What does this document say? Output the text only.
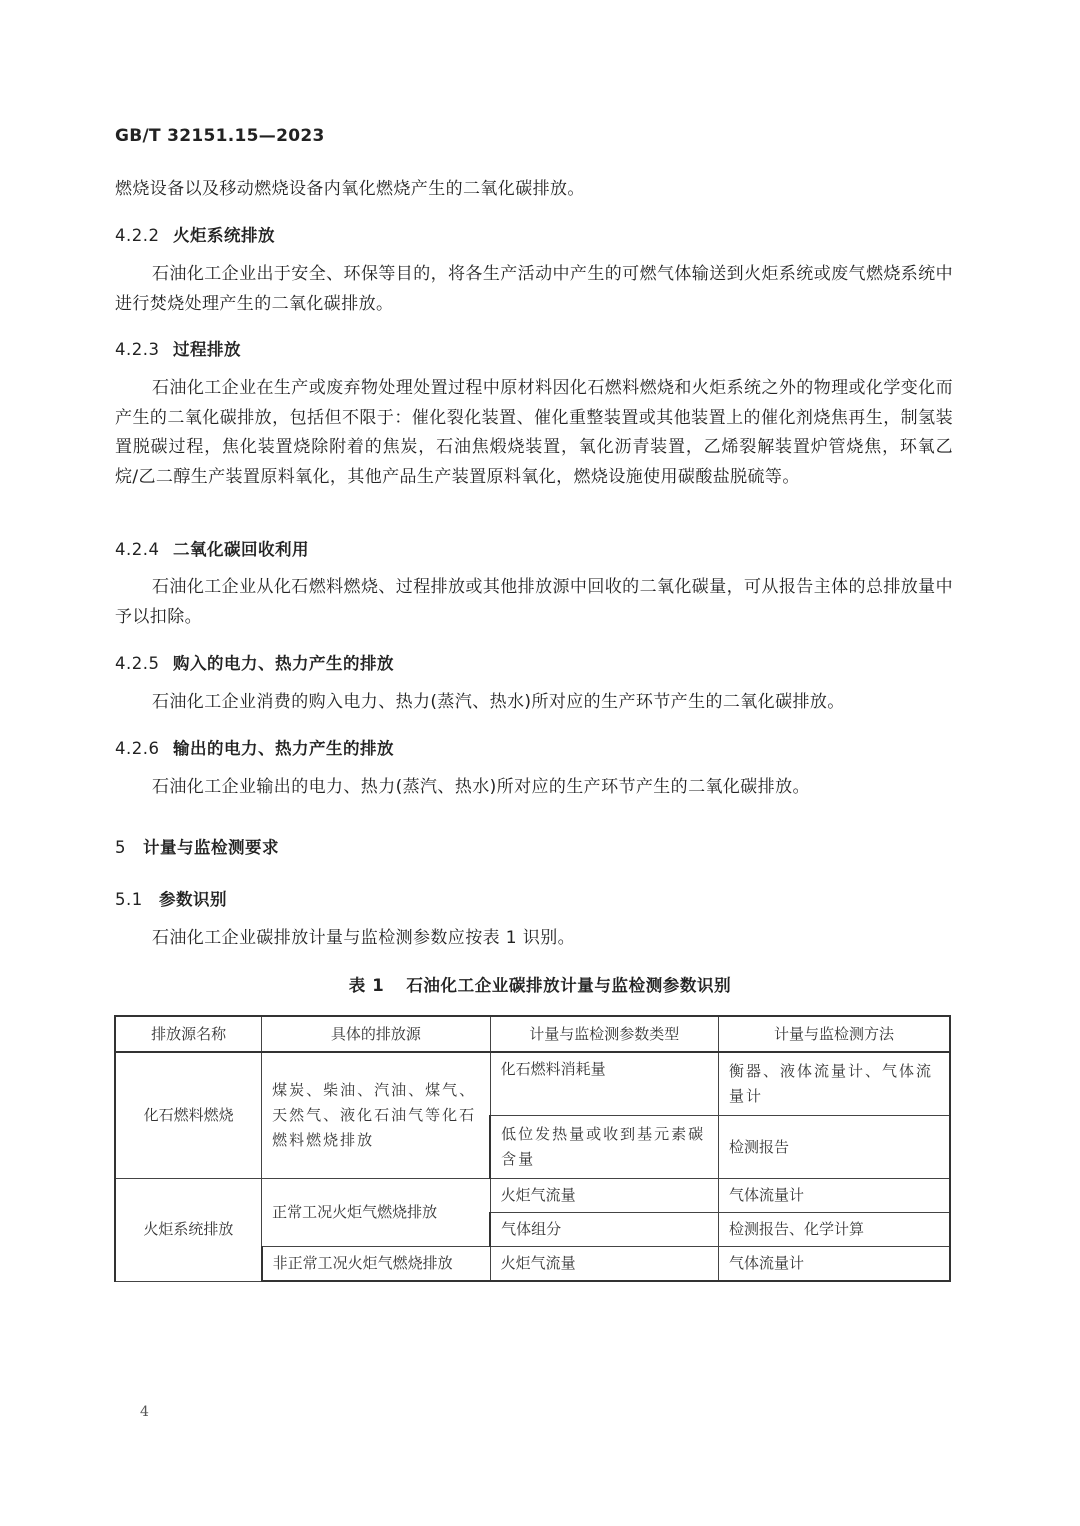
GB/T 32151.15—2023
燃烧设备以及移动燃烧设备内氧化燃烧产生的二氧化碳排放。
4.2.2 火炬系统排放
石油化工企业出于安全、环保等目的，将各生产活动中产生的可燃气体输送到火炬系统或废气燃烧系统中进行焚烧处理产生的二氧化碳排放。
4.2.3 过程排放
石油化工企业在生产或废弃物处理处置过程中原材料因化石燃料燃烧和火炬系统之外的物理或化学变化而产生的二氧化碳排放，包括但不限于：催化裂化装置、催化重整装置或其他装置上的催化剂烧焦再生，制氢装置脱碳过程，焦化装置烧除附着的焦炭，石油焦煅烧装置，氧化沥青装置，乙烯裂解装置炉管烧焦，环氧乙烷/乙二醇生产装置原料氧化，其他产品生产装置原料氧化，燃烧设施使用碳酸盐脱硫等。
4.2.4 二氧化碳回收利用
石油化工企业从化石燃料燃烧、过程排放或其他排放源中回收的二氧化碳量，可从报告主体的总排放量中予以扣除。
4.2.5 购入的电力、热力产生的排放
石油化工企业消费的购入电力、热力(蒸汽、热水)所对应的生产环节产生的二氧化碳排放。
4.2.6 输出的电力、热力产生的排放
石油化工企业输出的电力、热力(蒸汽、热水)所对应的生产环节产生的二氧化碳排放。
5 计量与监检测要求
5.1 参数识别
石油化工企业碳排放计量与监检测参数应按表 1 识别。
表 1 石油化工企业碳排放计量与监检测参数识别
排放源名称	具体的排放源	计量与监检测参数类型	计量与监检测方法
化石燃料燃烧	煤炭、柴油、汽油、煤气、天然气、液化石油气等化石燃料燃烧排放	化石燃料消耗量	衡器、液体流量计、气体流量计
		低位发热量或收到基元素碳含量	检测报告
火炬系统排放	正常工况火炬气燃烧排放	火炬气流量	气体流量计
		气体组分	检测报告、化学计算
	非正常工况火炬气燃烧排放	火炬气流量	气体流量计
4
